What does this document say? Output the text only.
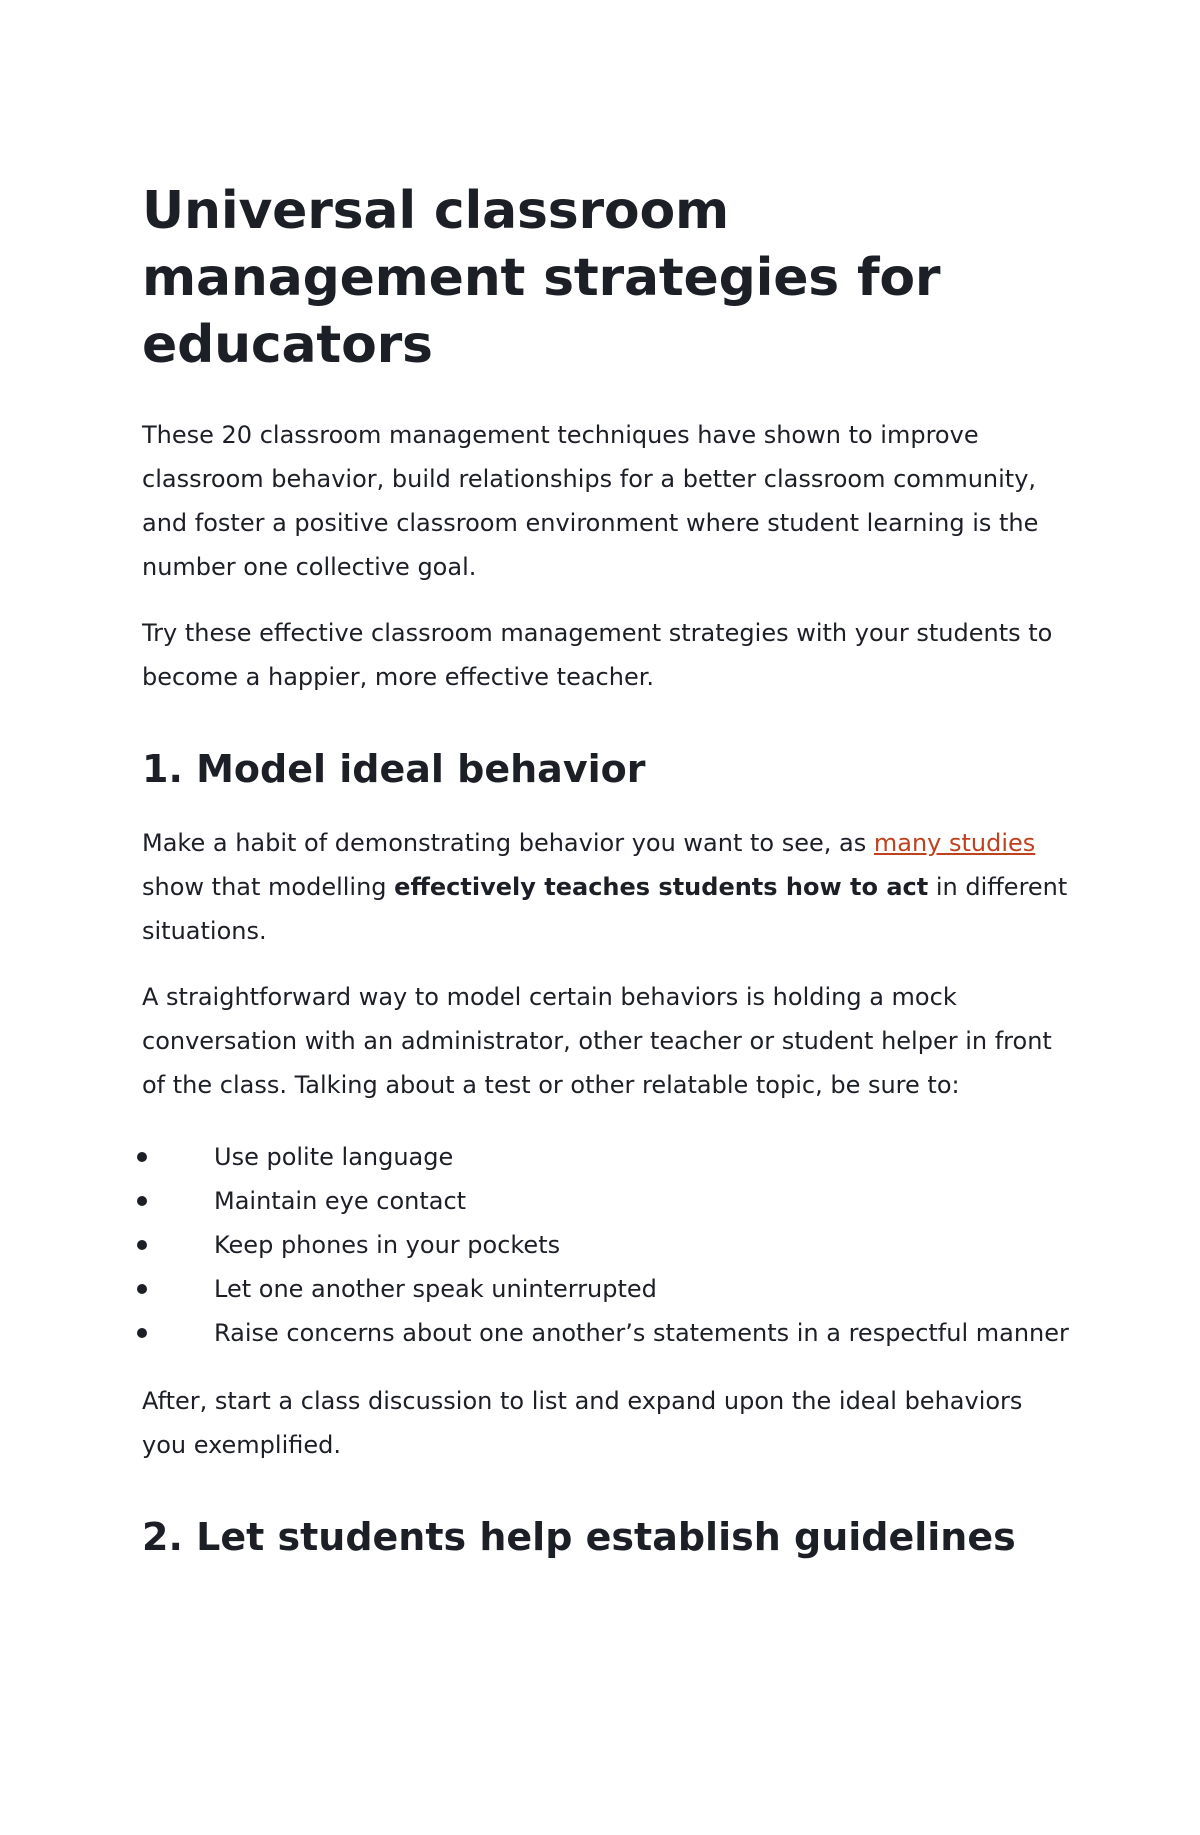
Universal classroom management strategies for educators

These 20 classroom management techniques have shown to improve classroom behavior, build relationships for a better classroom community, and foster a positive classroom environment where student learning is the number one collective goal.

Try these effective classroom management strategies with your students to become a happier, more effective teacher.

1. Model ideal behavior

Make a habit of demonstrating behavior you want to see, as many studies show that modelling effectively teaches students how to act in different situations.

A straightforward way to model certain behaviors is holding a mock conversation with an administrator, other teacher or student helper in front of the class. Talking about a test or other relatable topic, be sure to:

Use polite language
Maintain eye contact
Keep phones in your pockets
Let one another speak uninterrupted
Raise concerns about one another’s statements in a respectful manner

After, start a class discussion to list and expand upon the ideal behaviors you exemplified.

2. Let students help establish guidelines
